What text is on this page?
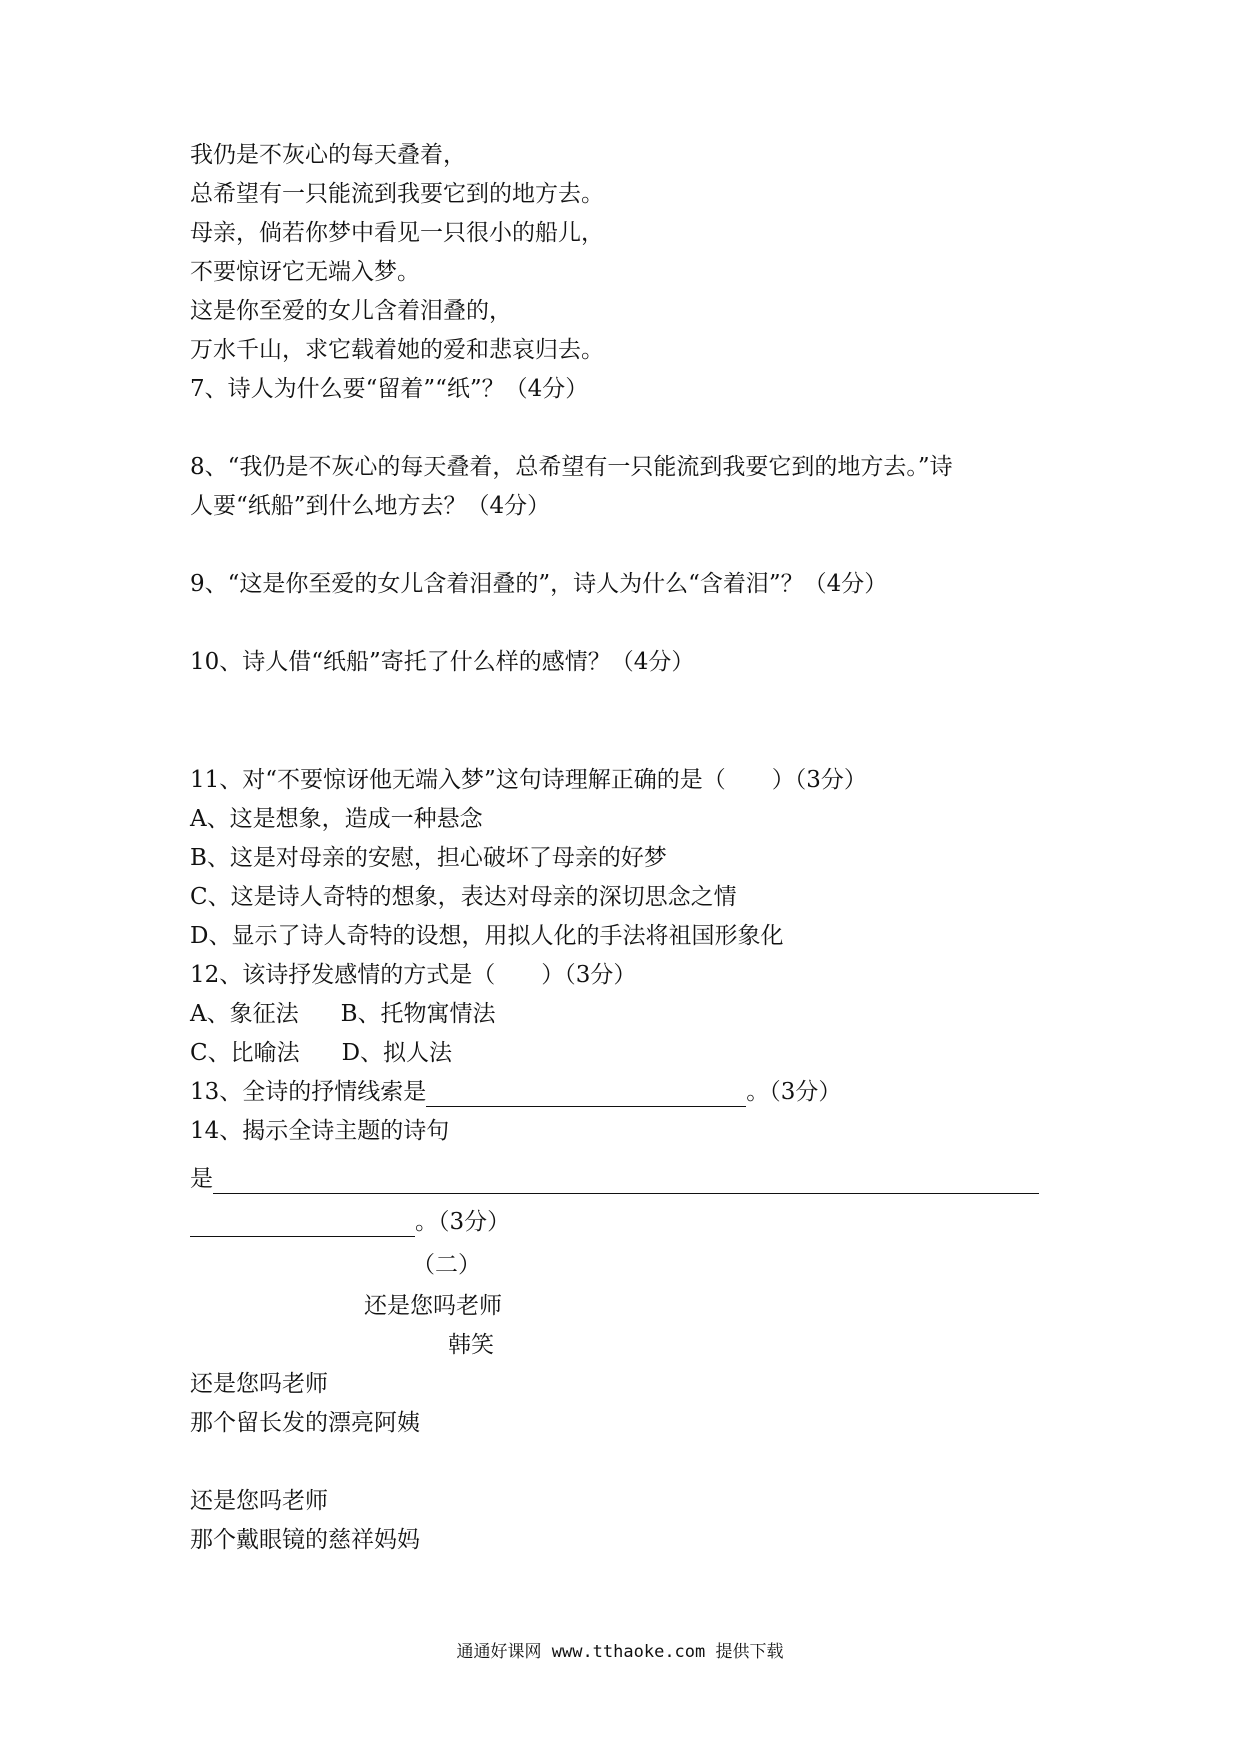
我仍是不灰心的每天叠着，
总希望有一只能流到我要它到的地方去。
母亲，倘若你梦中看见一只很小的船儿，
不要惊讶它无端入梦。
这是你至爱的女儿含着泪叠的，
万水千山，求它载着她的爱和悲哀归去。
7、诗人为什么要“留着”“纸”？（4分）
8、“我仍是不灰心的每天叠着，总希望有一只能流到我要它到的地方去。”诗
人要“纸船”到什么地方去？（4分）
9、“这是你至爱的女儿含着泪叠的”，诗人为什么“含着泪”？（4分）
10、诗人借“纸船”寄托了什么样的感情？（4分）
11、对“不要惊讶他无端入梦”这句诗理解正确的是（　　）（3分）
A、这是想象，造成一种悬念
B、这是对母亲的安慰，担心破坏了母亲的好梦
C、这是诗人奇特的想象，表达对母亲的深切思念之情
D、显示了诗人奇特的设想，用拟人化的手法将祖国形象化
12、该诗抒发感情的方式是（　　）（3分）
A、象征法 B、托物寓情法
C、比喻法 D、拟人法
13、全诗的抒情线索是	。（3分）
14、揭示全诗主题的诗句
是
。（3分）
（二）
还是您吗老师
韩笑
还是您吗老师
那个留长发的漂亮阿姨
还是您吗老师
那个戴眼镜的慈祥妈妈
通通好课网 www.tthaoke.com 提供下载
